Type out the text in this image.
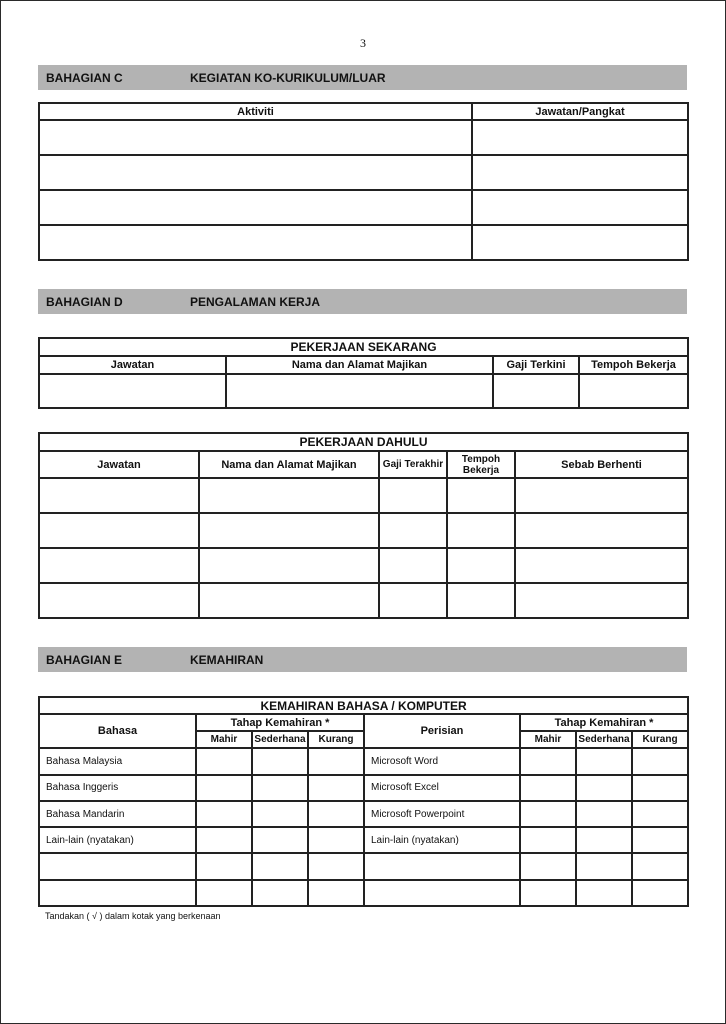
3
BAHAGIAN C	KEGIATAN KO-KURIKULUM/LUAR
Aktiviti	Jawatan/Pangkat

BAHAGIAN D	PENGALAMAN KERJA
PEKERJAAN SEKARANG			
Jawatan	Nama dan Alamat Majikan	Gaji Terkini	Tempoh Bekerja

PEKERJAAN DAHULU				
Jawatan	Nama dan Alamat Majikan	Gaji Terakhir	Tempoh Bekerja	Sebab Berhenti

BAHAGIAN E	KEMAHIRAN
KEMAHIRAN BAHASA / KOMPUTER							
Bahasa	Tahap Kemahiran *			Perisian	Tahap Kemahiran *		
	Mahir	Sederhana	Kurang		Mahir	Sederhana	Kurang
Bahasa Malaysia				Microsoft Word			
Bahasa Inggeris				Microsoft Excel			
Bahasa Mandarin				Microsoft Powerpoint			
Lain-lain (nyatakan)				Lain-lain (nyatakan)			

Tandakan ( √ ) dalam kotak yang berkenaan
